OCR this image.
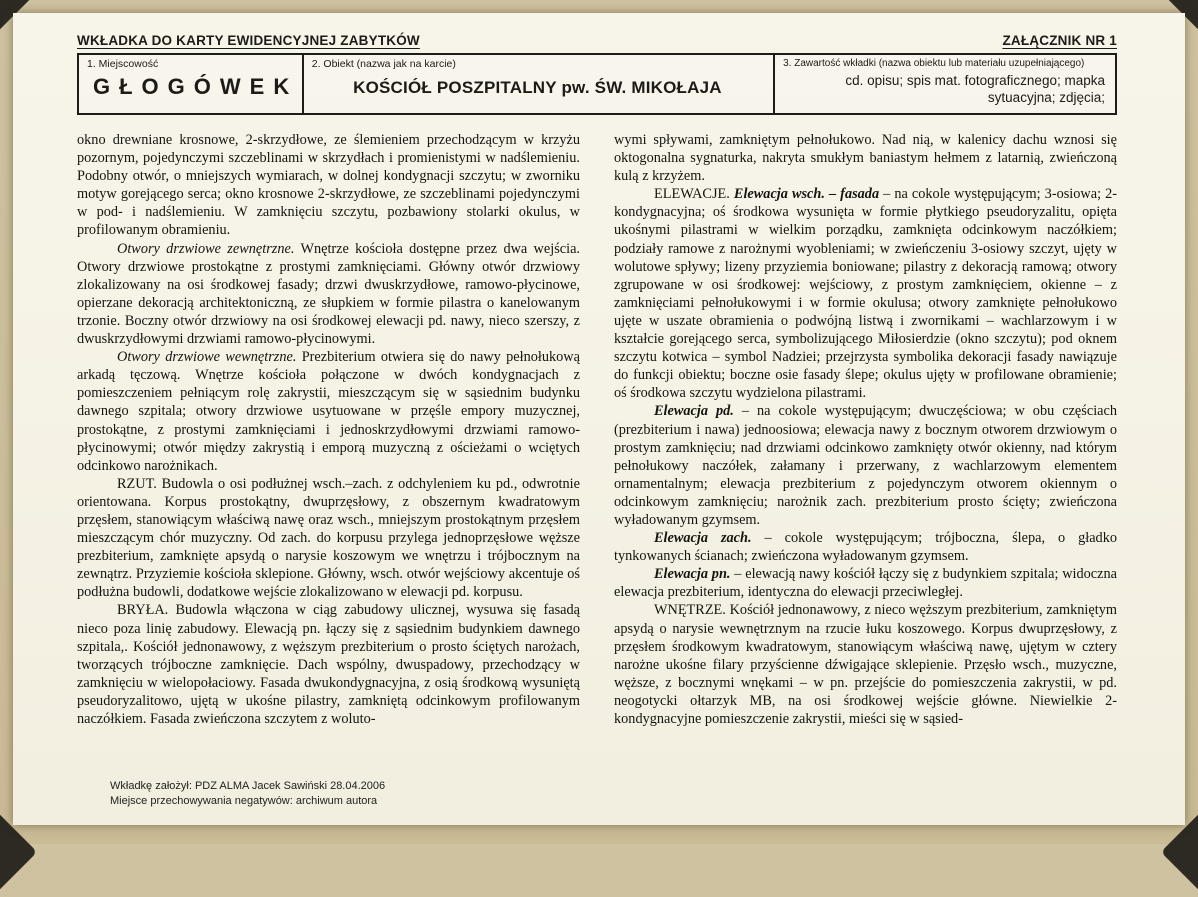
WKŁADKA DO KARTY EWIDENCYJNEJ ZABYTKÓW	ZAŁĄCZNIK NR 1
1. Miejscowość
GŁOGÓWEK
2. Obiekt (nazwa jak na karcie)
KOŚCIÓŁ POSZPITALNY pw. ŚW. MIKOŁAJA
3. Zawartość wkładki (nazwa obiektu lub materiału uzupełniającego)
cd. opisu; spis mat. fotograficznego; mapka sytuacyjna; zdjęcia;

okno drewniane krosnowe, 2-skrzydłowe, ze ślemieniem przechodzącym w krzyżu pozornym, pojedynczymi szczeblinami w skrzydłach i promienistymi w nadślemieniu. Podobny otwór, o mniejszych wymiarach, w dolnej kondygnacji szczytu; w zworniku motyw gorejącego serca; okno krosnowe 2-skrzydłowe, ze szczeblinami pojedynczymi w pod- i nadślemieniu. W zamknięciu szczytu, pozbawiony stolarki okulus, w profilowanym obramieniu.

Otwory drzwiowe zewnętrzne. Wnętrze kościoła dostępne przez dwa wejścia. Otwory drzwiowe prostokątne z prostymi zamknięciami. Główny otwór drzwiowy zlokalizowany na osi środkowej fasady; drzwi dwuskrzydłowe, ramowo-płycinowe, opierzane dekoracją architektoniczną, ze słupkiem w formie pilastra o kanelowanym trzonie. Boczny otwór drzwiowy na osi środkowej elewacji pd. nawy, nieco szerszy, z dwuskrzydłowymi drzwiami ramowo-płycinowymi.

Otwory drzwiowe wewnętrzne. Prezbiterium otwiera się do nawy pełnołukową arkadą tęczową. Wnętrze kościoła połączone w dwóch kondygnacjach z pomieszczeniem pełniącym rolę zakrystii, mieszczącym się w sąsiednim budynku dawnego szpitala; otwory drzwiowe usytuowane w przęśle empory muzycznej, prostokątne, z prostymi zamknięciami i jednoskrzydłowymi drzwiami ramowo-płycinowymi; otwór między zakrystią i emporą muzyczną z ościeżami o wciętych odcinkowo narożnikach.

RZUT. Budowla o osi podłużnej wsch.–zach. z odchyleniem ku pd., odwrotnie orientowana. Korpus prostokątny, dwuprzęsłowy, z obszernym kwadratowym przęsłem, stanowiącym właściwą nawę oraz wsch., mniejszym prostokątnym przęsłem mieszczącym chór muzyczny. Od zach. do korpusu przylega jednoprzęsłowe węższe prezbiterium, zamknięte apsydą o narysie koszowym we wnętrzu i trójbocznym na zewnątrz. Przyziemie kościoła sklepione. Główny, wsch. otwór wejściowy akcentuje oś podłużna budowli, dodatkowe wejście zlokalizowano w elewacji pd. korpusu.

BRYŁA. Budowla włączona w ciąg zabudowy ulicznej, wysuwa się fasadą nieco poza linię zabudowy. Elewacją pn. łączy się z sąsiednim budynkiem dawnego szpitala,. Kościół jednonawowy, z węższym prezbiterium o prosto ściętych narożach, tworzących trójboczne zamknięcie. Dach wspólny, dwuspadowy, przechodzący w zamknięciu w wielopołaciowy. Fasada dwukondygnacyjna, z osią środkową wysuniętą pseudoryzalitowo, ujętą w ukośne pilastry, zamkniętą odcinkowym profilowanym naczółkiem. Fasada zwieńczona szczytem z woluto-

wymi spływami, zamkniętym pełnołukowo. Nad nią, w kalenicy dachu wznosi się oktogonalna sygnaturka, nakryta smukłym baniastym hełmem z latarnią, zwieńczoną kulą z krzyżem.

ELEWACJE. Elewacja wsch. – fasada – na cokole występującym; 3-osiowa; 2-kondygnacyjna; oś środkowa wysunięta w formie płytkiego pseudoryzalitu, opięta ukośnymi pilastrami w wielkim porządku, zamknięta odcinkowym naczółkiem; podziały ramowe z narożnymi wyobleniami; w zwieńczeniu 3-osiowy szczyt, ujęty w wolutowe spływy; lizeny przyziemia boniowane; pilastry z dekoracją ramową; otwory zgrupowane w osi środkowej: wejściowy, z prostym zamknięciem, okienne – z zamknięciami pełnołukowymi i w formie okulusa; otwory zamknięte pełnołukowo ujęte w uszate obramienia o podwójną listwą i zwornikami – wachlarzowym i w kształcie gorejącego serca, symbolizującego Miłosierdzie (okno szczytu); pod oknem szczytu kotwica – symbol Nadziei; przejrzysta symbolika dekoracji fasady nawiązuje do funkcji obiektu; boczne osie fasady ślepe; okulus ujęty w profilowane obramienie; oś środkowa szczytu wydzielona pilastrami.

Elewacja pd. – na cokole występującym; dwuczęściowa; w obu częściach (prezbiterium i nawa) jednoosiowa; elewacja nawy z bocznym otworem drzwiowym o prostym zamknięciu; nad drzwiami odcinkowo zamknięty otwór okienny, nad którym pełnołukowy naczółek, załamany i przerwany, z wachlarzowym elementem ornamentalnym; elewacja prezbiterium z pojedynczym otworem okiennym o odcinkowym zamknięciu; narożnik zach. prezbiterium prosto ścięty; zwieńczona wyładowanym gzymsem.

Elewacja zach. – cokole występującym; trójboczna, ślepa, o gładko tynkowanych ścianach; zwieńczona wyładowanym gzymsem.

Elewacja pn. – elewacją nawy kościół łączy się z budynkiem szpitala; widoczna elewacja prezbiterium, identyczna do elewacji przeciwległej.

WNĘTRZE. Kościół jednonawowy, z nieco węższym prezbiterium, zamkniętym apsydą o narysie wewnętrznym na rzucie łuku koszowego. Korpus dwuprzęsłowy, z przęsłem środkowym kwadratowym, stanowiącym właściwą nawę, ujętym w cztery narożne ukośne filary przyścienne dźwigające sklepienie. Przęsło wsch., muzyczne, węższe, z bocznymi wnękami – w pn. przejście do pomieszczenia zakrystii, w pd. neogotycki ołtarzyk MB, na osi środkowej wejście główne. Niewielkie 2-kondygnacyjne pomieszczenie zakrystii, mieści się w sąsied-

Wkładkę założył: PDZ ALMA Jacek Sawiński 28.04.2006
Miejsce przechowywania negatywów: archiwum autora
